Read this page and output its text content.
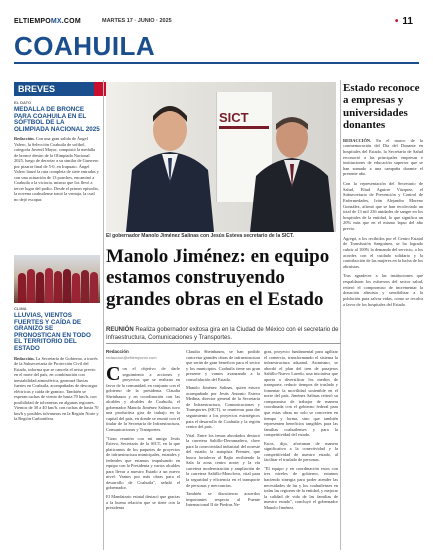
ELTIEMPOMX.COM	MARTES 17 · JUNIO · 2025	• 11
COAHUILA
BREVES
EL DATO
MEDALLA DE BRONCE PARA COAHUILA EN EL SÓFTBOL DE LA OLIMPIADA NACIONAL 2025
Redacción. Con una gran salida de Ángel Valero, la Selección Coahuila de softbol, categoría Juvenil Mayor, conquistó la medalla de bronce dentro de la Olimpiada Nacional 2025, luego de derrotar a su similar de Guerrero por pizarra final de 5-0, en Irapuato. Ángel Valero lanzó la ruta completa de siete entradas y con una actuación de 13 ponches, encaminó a Coahuila a la victoria, mismo que los llevó a tercer lugar del podio. Desde el primer episodio, la novena coahuilense tomó la ventaja, la cual no dejó escapar.
CLIMA
LLUVIAS, VIENTOS FUERTES Y CAÍDA DE GRANIZO SE PRONOSTICAN EN TODO EL TERRITORIO DEL ESTADO
Redacción. La Secretaría de Gobierno, a través de la Subsecretaría de Protección Civil del Estado, informa que se cancela el aviso previo en el norte del país, en combinación con inestabilidad atmosférica, generará lluvias fuertes en Coahuila, acompañadas de descargas eléctricas y caída de granizo. También se esperan rachas de viento de hasta 70 km/h, con posibilidad de tolvaneras en algunas regiones. Vientos de 30 a 40 km/h, con rachas de hasta 70 km/h y posibles tolvaneras en la Región Norte y la Región Carbonífera.
SICT
El gobernador Manolo Jiménez Salinas con Jesús Esteva secretario de la SICT.
Estado reconoce a empresas y universidades donantes

REDACCIÓN. En el marco de la conmemoración del Día del Donante en hospitales del Estado, la Secretaría de Salud reconoció a las principales empresas e instituciones de educación superior que se han sumado a una campaña durante el presente año.

Con la representación del Secretario de Salud, Eliud Aguirre Vázquez, el Subsecretario de Prevención y Control de Enfermedades, Iván Alejandro Moreno González, afirmó que se han recolectado un total de 13 mil 236 unidades de sangre en los hospitales de la entidad, lo que significa un 20% más que en el mismo lapso del año previo.

Agregó, a los recibidos por el Centro Estatal de Transfusión Sanguínea, se ha logrado cubrir al 100% la demanda del servicio, a los acordes con el cuidado solidario y la contribución de las mujeres en la lucha de los altruistas.

Tras agradecer a las instituciones que respaldaron los esfuerzos del sector salud, reiteró el compromiso de incrementar la donación altruista y sensibilizar a la población para salvar vidas, como se recalca a favor de los hospitales del Estado.

Manolo Jiménez: en equipo estamos construyendo grandes obras en el Estado
REUNIÓN Realiza gobernador exitosa gira en la Ciudad de México con el secretario de Infraestructura, Comunicaciones y Transportes.
Redacción
redaccion@eltiempomx.com

Con el objetivo de darle seguimiento a acciones y proyectos que se realizan en favor de la comunidad, en conjunto con el gobierno de la presidenta Claudia Sheinbaum y en coordinación con las alcaldes y alcaldes de Coahuila, el gobernador Manolo Jiménez Salinas tuvo una productiva gira de trabajo en la capital del país, en donde se reunió con el titular de la Secretaría de Infraestructura, Comunicaciones y Transportes.

"Gran reunión con mi amigo Jesús Esteva, Secretario de la SICT, en la que platicamos de los paquetes de proyectos de infraestructura municipales, estatales y federales que estamos impulsando en equipo con la Presidenta y varios alcaldes para llevar a nuestro Estado a un nuevo nivel. Vamos por más obras para el desarrollo de Coahuila", señaló el gobernador.

El Mandatario estatal destacó que gracias a la buena relación que se tiene con la presidenta

Claudia Sheinbaum, se han podido concretar grandes obras de infraestructura que serán de gran beneficio para el sector y los municipios. Coahuila tiene un gran presente y vamos avanzando a la consolidación del Estado.

Manolo Jiménez Salinas, quien estuvo acompañado por Jesús Antonio Esteva Medina, director general de la Secretaría de Infraestructura, Comunicaciones y Transportes (SICT), se reunieron para dar seguimiento a los proyectos estratégicos para el desarrollo de Coahuila y la región centro del país.

Vital. Entre los temas abordados destacó la carretera Saltillo-Derramadero, clave para la conectividad industrial del noreste del estado; la autopista Premier, que busca fortalecer al Bajío recibiendo la Sala la zona centro norte; y la vía carretera modernización y ampliación de la carretera Saltillo-Monclova, vital para la seguridad y eficiencia en el transporte de personas y mercancías.

También se discutieron acuerdos importantes respecto al Puente Internacional II de Piedras Ne-

gras, proyecto fundamental para agilizar el comercio, transformando el sistema la infraestructura aduanal. Asimismo, se abordó el plan del tren de pasajeros Saltillo-Nuevo Laredo, una iniciativa que aporta a diversificar los medios de transporte, reducir tiempos de traslado y fomentar la movilidad sostenible en el norte del país. Jiménez Salinas reiteró su compromiso de trabajar de manera coordinada con el gobierno federal para que estas obras no solo se concreten en tiempo y forma, sino que también representen beneficios tangibles para las familias coahuilenses y para la competitividad del estado.

Estos, dijo, afortunan de manera significativa a la conectividad y la competitividad de nuestro estado, al facilitar el traslado de personas.

"El equipo y en coordinación estos con tres niveles de gobierno, estamos haciendo sinergia para poder atender las necesidades de las y los coahuilenses en todas las regiones de la entidad, y mejorar la calidad de vida de las familias de nuestro estado", concluyó el gobernador Manolo Jiménez.
